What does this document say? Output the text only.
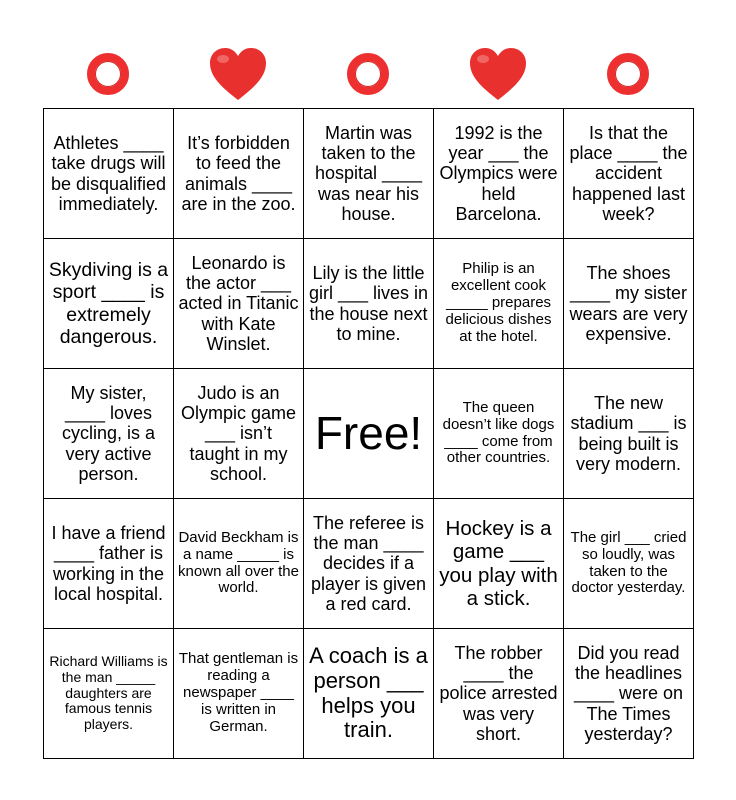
Athletes ____ take drugs will be disqualified immediately.	It’s forbidden to feed the animals ____ are in the zoo.	Martin was taken to the hospital ____ was near his house.	1992 is the year ___ the Olympics were held Barcelona.	Is that the place ____ the accident happened last week?
Skydiving is a sport ____ is extremely dangerous.	Leonardo is the actor ___ acted in Titanic with Kate Winslet.	Lily is the little girl ___ lives in the house next to mine.	Philip is an excellent cook _____ prepares delicious dishes at the hotel.	The shoes ____ my sister wears are very expensive.
My sister, ____ loves cycling, is a very active person.	Judo is an Olympic game ___ isn’t taught in my school.	Free!	The queen doesn’t like dogs ____ come from other countries.	The new stadium ___ is being built is very modern.
I have a friend ____ father is working in the local hospital.	David Beckham is a name _____ is known all over the world.	The referee is the man ____ decides if a player is given a red card.	Hockey is a game ___ you play with a stick.	The girl ___ cried so loudly, was taken to the doctor yesterday.
Richard Williams is the man _____ daughters are famous tennis players.	That gentleman is reading a newspaper ____ is written in German.	A coach is a person ___ helps you train.	The robber ____ the police arrested was very short.	Did you read the headlines ____ were on The Times yesterday?
